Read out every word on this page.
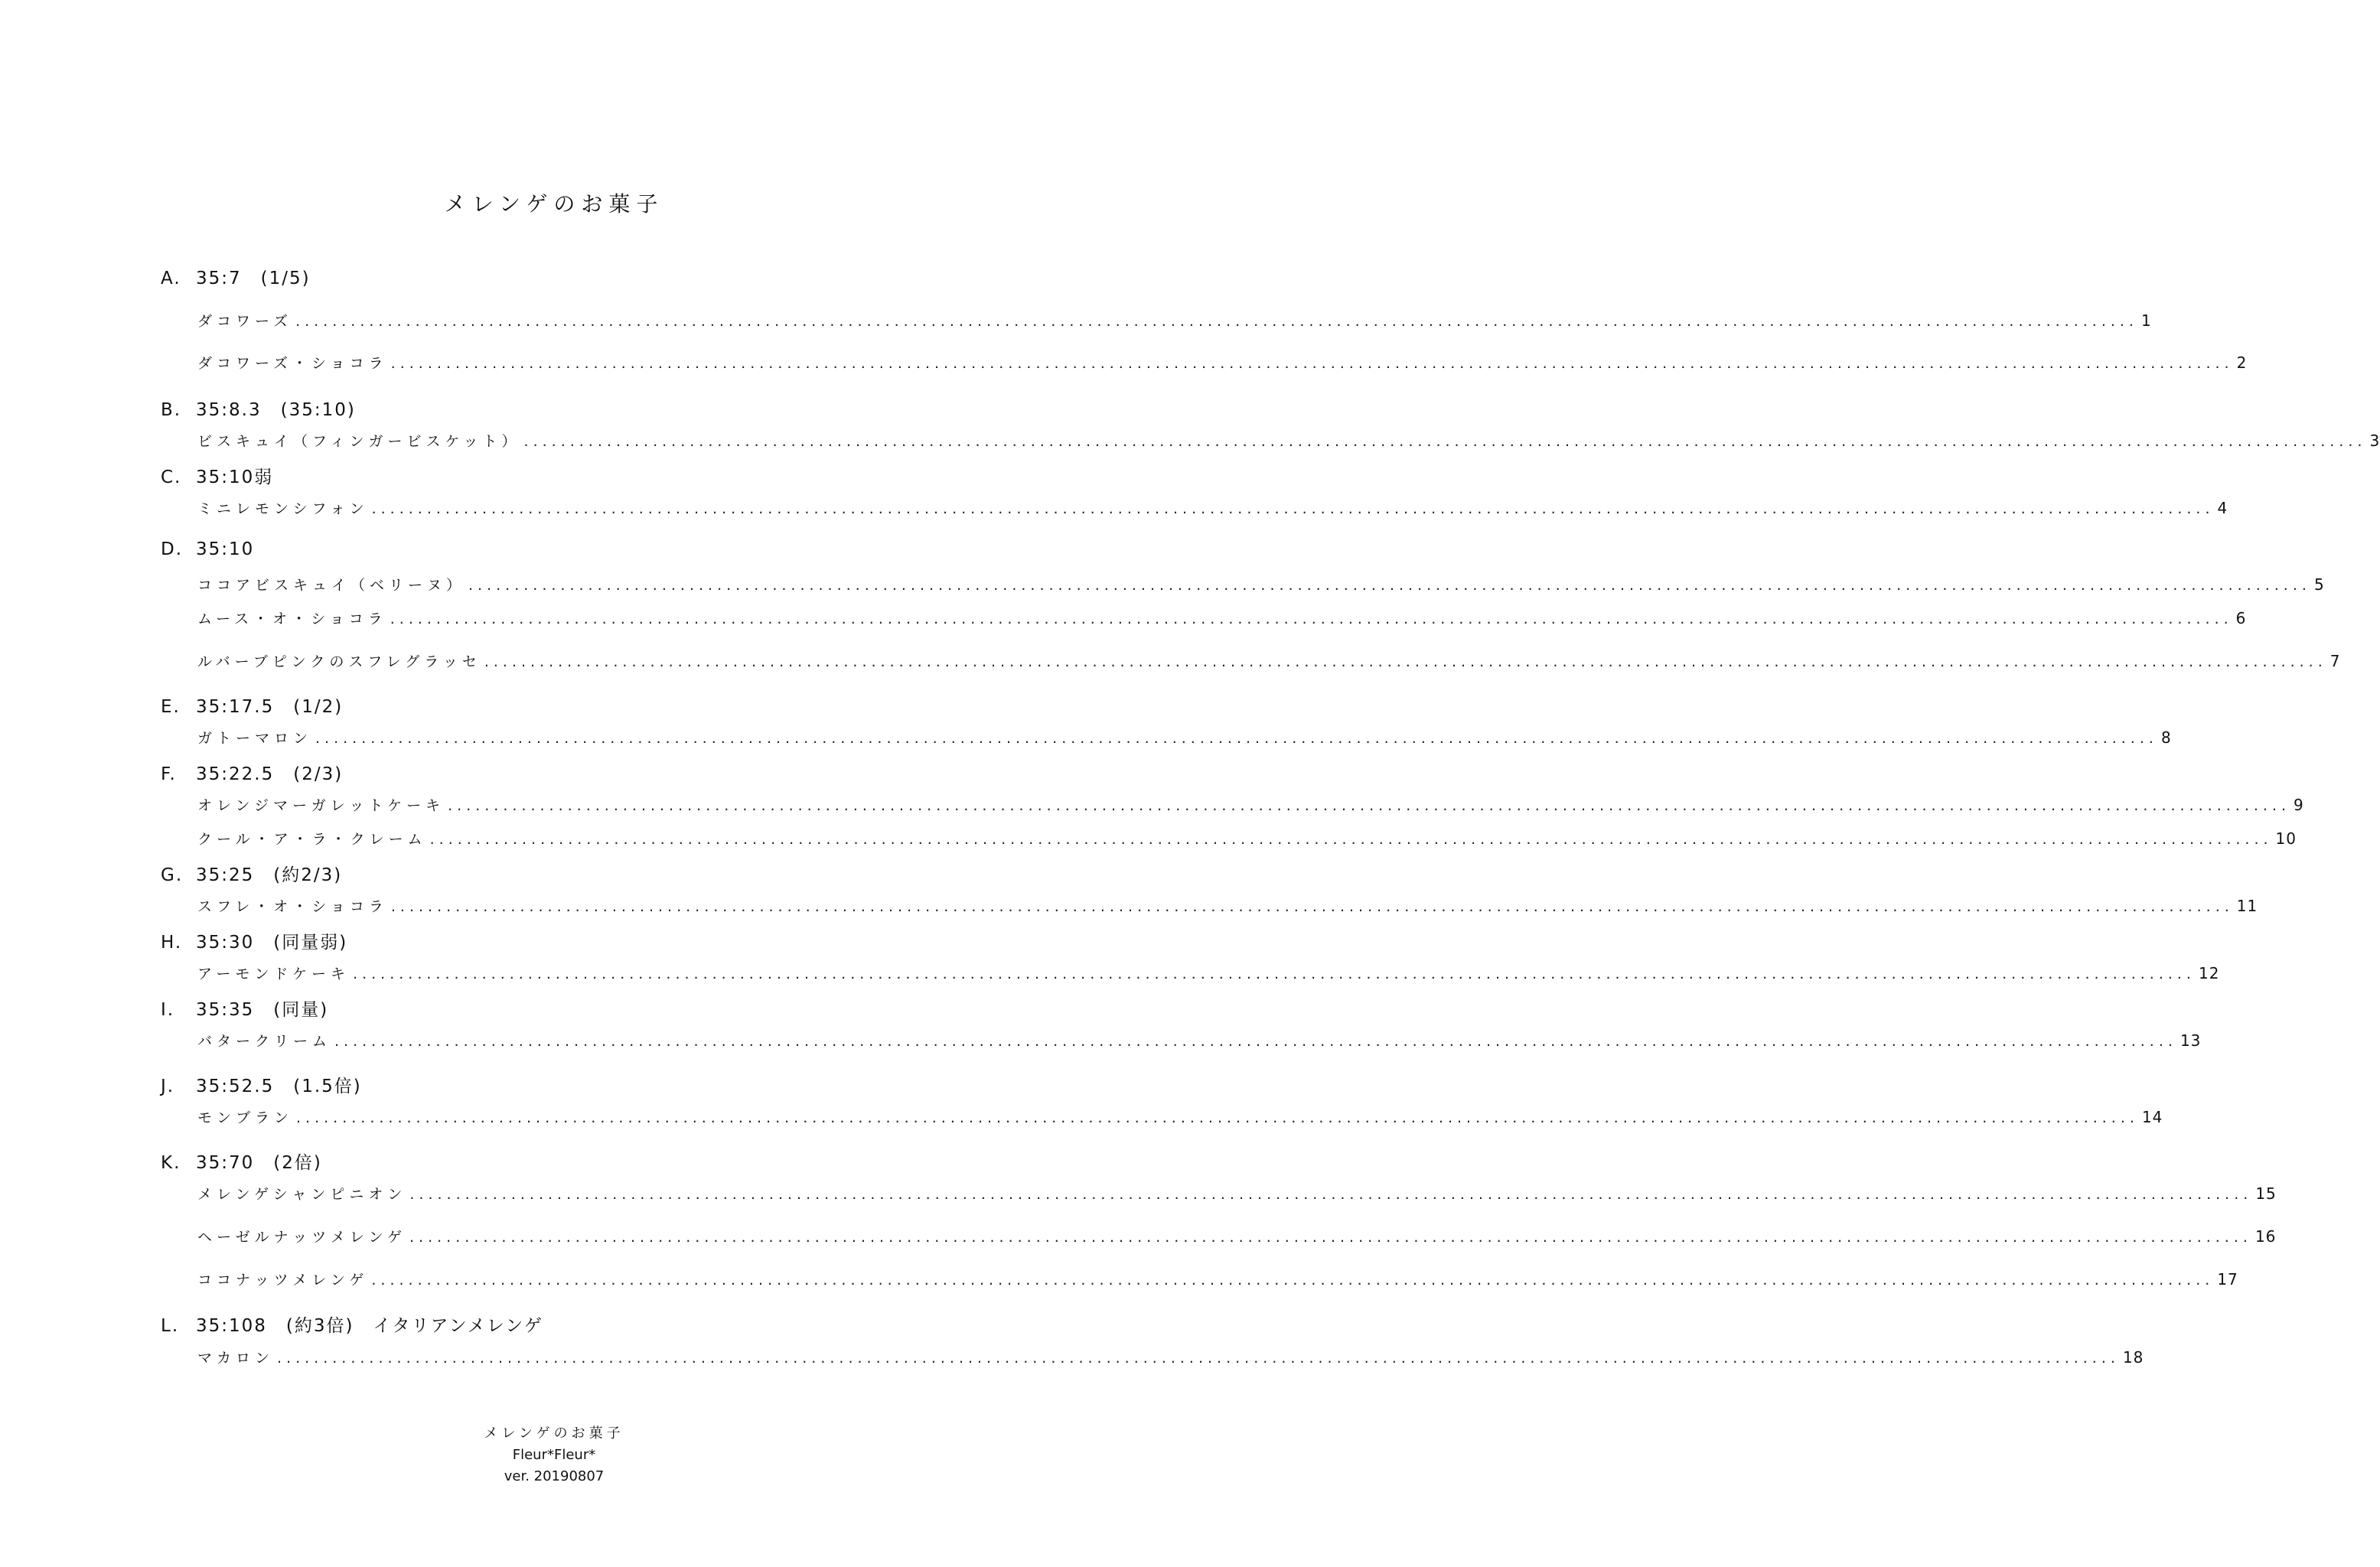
メレンゲのお菓子
A. 35:7　(1/5)
ダコワーズ ........................................................................................................................................................................................................ 1
ダコワーズ・ショコラ ........................................................................................................................................................................................................ 2
B. 35:8.3　(35:10)
ビスキュイ（フィンガービスケット） ........................................................................................................................................................................................................ 3
C. 35:10弱
ミニレモンシフォン ........................................................................................................................................................................................................ 4
D. 35:10
ココアビスキュイ（ベリーヌ） ........................................................................................................................................................................................................ 5
ムース・オ・ショコラ ........................................................................................................................................................................................................ 6
ルバーブピンクのスフレグラッセ ........................................................................................................................................................................................................ 7
E. 35:17.5　(1/2)
ガトーマロン ........................................................................................................................................................................................................ 8
F. 35:22.5　(2/3)
オレンジマーガレットケーキ ........................................................................................................................................................................................................ 9
クール・ア・ラ・クレーム ........................................................................................................................................................................................................ 10
G. 35:25　(約2/3)
スフレ・オ・ショコラ ........................................................................................................................................................................................................ 11
H. 35:30　(同量弱)
アーモンドケーキ ........................................................................................................................................................................................................ 12
I. 35:35　(同量)
バタークリーム ........................................................................................................................................................................................................ 13
J. 35:52.5　(1.5倍)
モンブラン ........................................................................................................................................................................................................ 14
K. 35:70　(2倍)
メレンゲシャンピニオン ........................................................................................................................................................................................................ 15
ヘーゼルナッツメレンゲ ........................................................................................................................................................................................................ 16
ココナッツメレンゲ ........................................................................................................................................................................................................ 17
L. 35:108　(約3倍)　イタリアンメレンゲ
マカロン ........................................................................................................................................................................................................ 18
メレンゲのお菓子
Fleur*Fleur*
ver. 20190807
